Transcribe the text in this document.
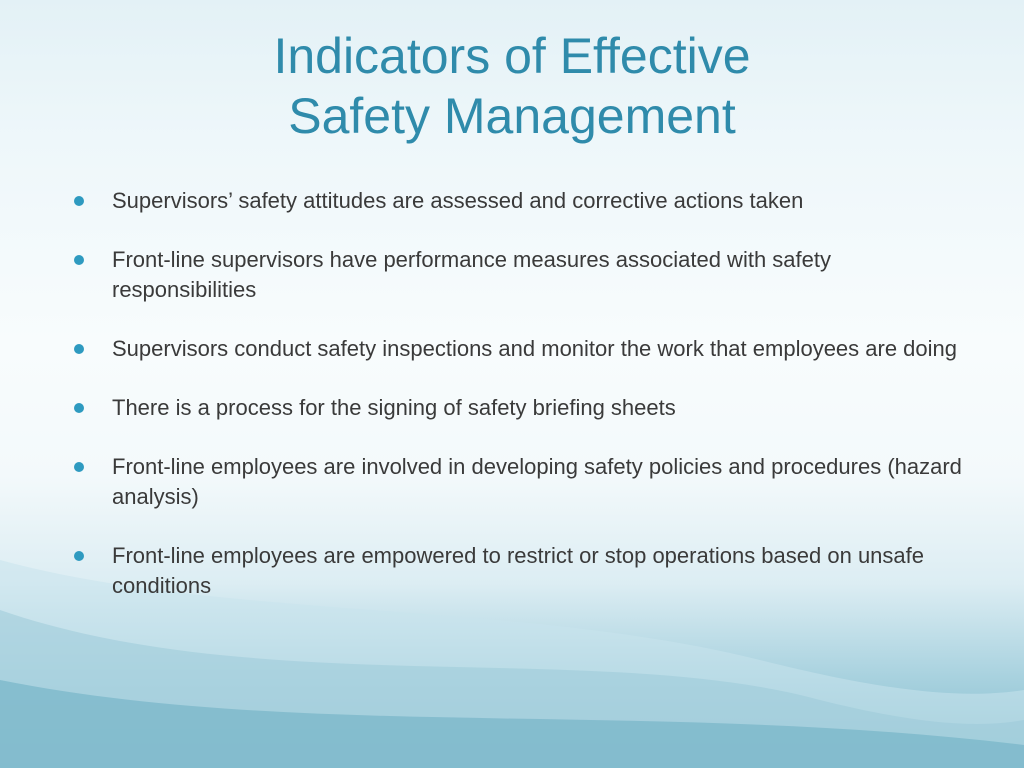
Indicators of Effective
Safety Management
Supervisors’ safety attitudes are assessed and corrective actions taken
Front-line supervisors have performance measures associated with safety responsibilities
Supervisors conduct safety inspections and monitor the work that employees are doing
There is a process for the signing of safety briefing sheets
Front-line employees are involved in developing safety policies and procedures (hazard analysis)
Front-line employees are empowered to restrict or stop operations based on unsafe conditions
